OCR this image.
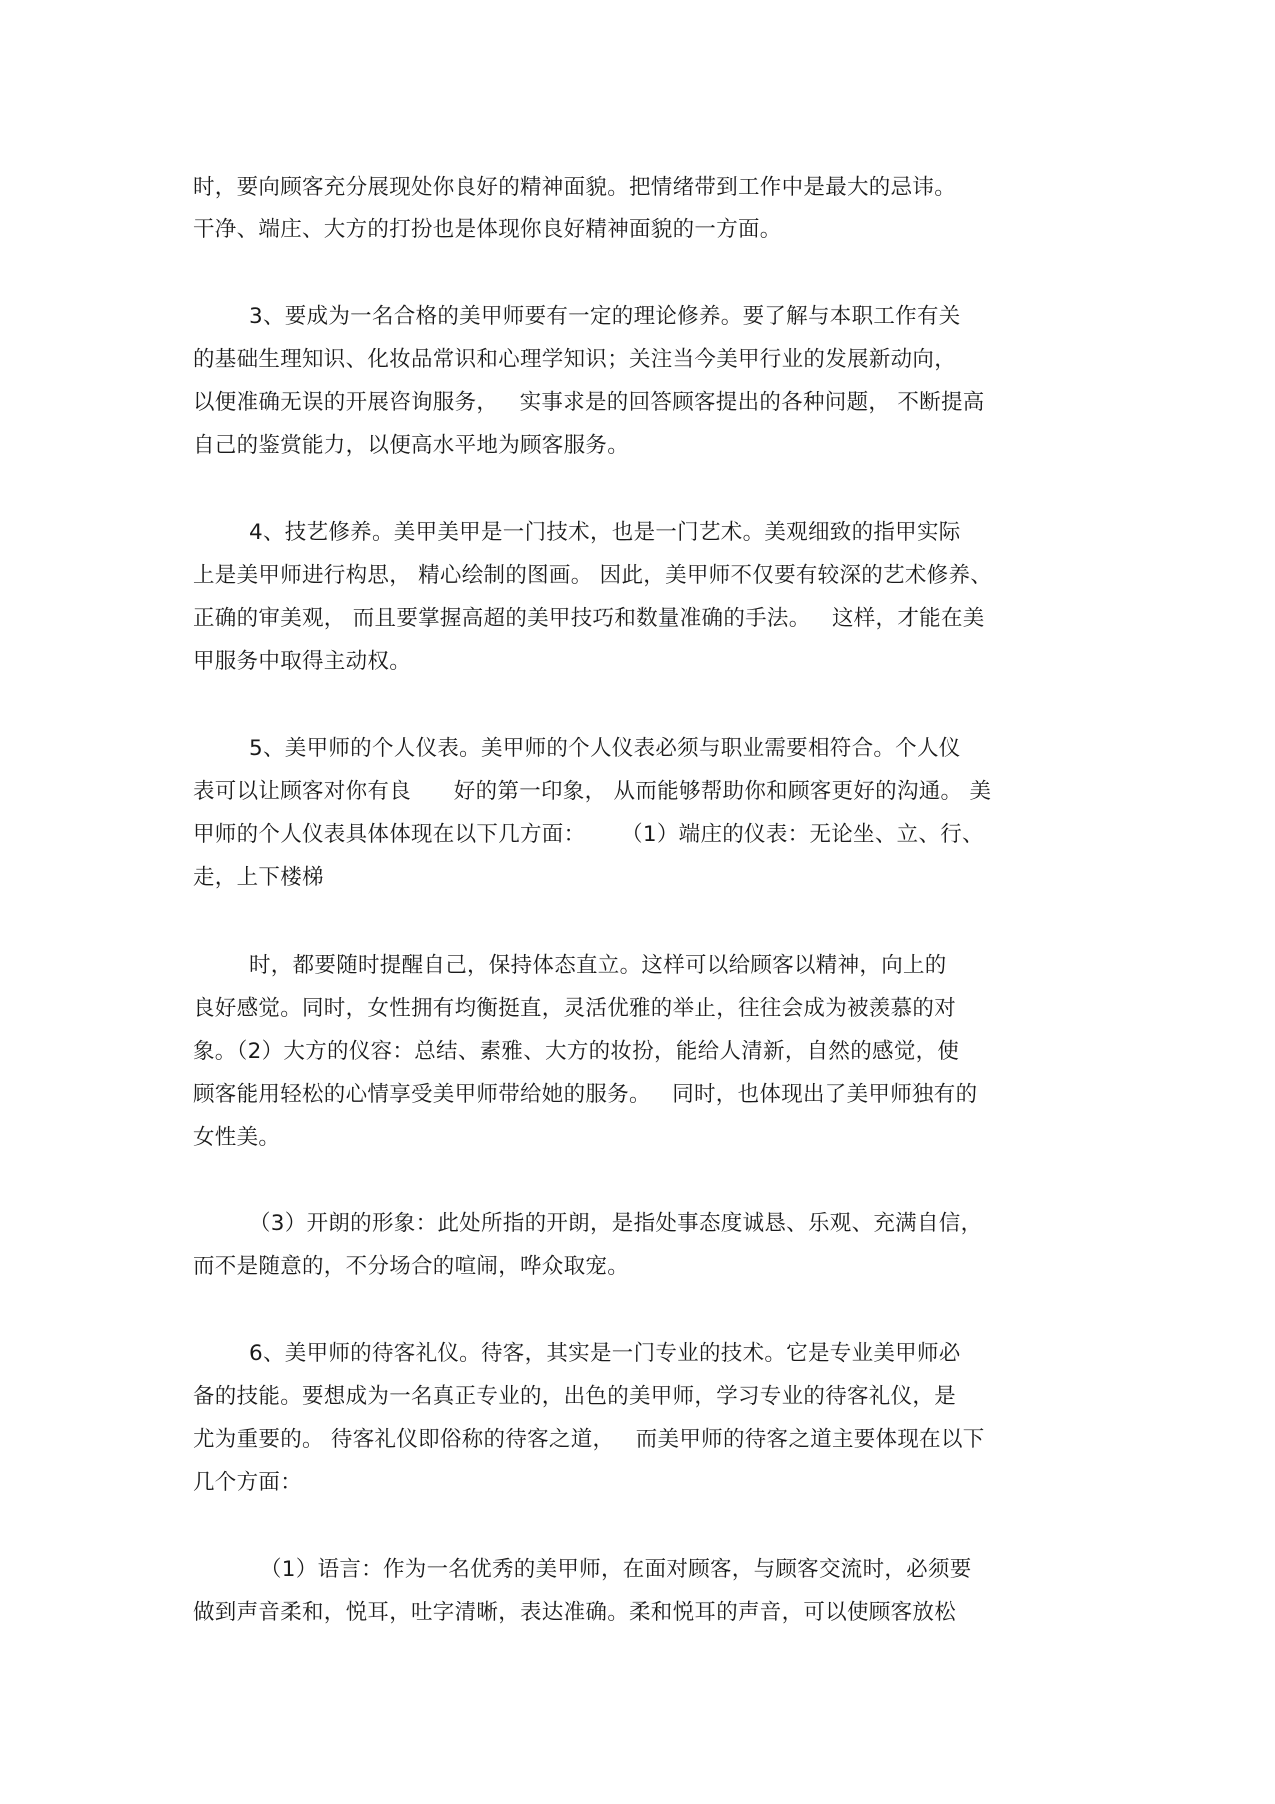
时，要向顾客充分展现处你良好的精神面貌。把情绪带到工作中是最大的忌讳。
干净、端庄、大方的打扮也是体现你良好精神面貌的一方面。
3、要成为一名合格的美甲师要有一定的理论修养。要了解与本职工作有关
的基础生理知识、化妆品常识和心理学知识；关注当今美甲行业的发展新动向，
以便准确无误的开展咨询服务，   实事求是的回答顾客提出的各种问题， 不断提高
自己的鉴赏能力，以便高水平地为顾客服务。
4、技艺修养。美甲美甲是一门技术，也是一门艺术。美观细致的指甲实际
上是美甲师进行构思， 精心绘制的图画。 因此，美甲师不仅要有较深的艺术修养、
正确的审美观， 而且要掌握高超的美甲技巧和数量准确的手法。   这样，才能在美
甲服务中取得主动权。
5、美甲师的个人仪表。美甲师的个人仪表必须与职业需要相符合。个人仪
表可以让顾客对你有良      好的第一印象， 从而能够帮助你和顾客更好的沟通。 美
甲师的个人仪表具体体现在以下几方面：     （1）端庄的仪表：无论坐、立、行、
走，上下楼梯
时，都要随时提醒自己，保持体态直立。这样可以给顾客以精神，向上的
良好感觉。同时，女性拥有均衡挺直，灵活优雅的举止，往往会成为被羡慕的对
象。（2）大方的仪容：总结、素雅、大方的妆扮，能给人清新，自然的感觉，使
顾客能用轻松的心情享受美甲师带给她的服务。   同时，也体现出了美甲师独有的
女性美。
（3）开朗的形象：此处所指的开朗，是指处事态度诚恳、乐观、充满自信，
而不是随意的，不分场合的喧闹，哗众取宠。
6、美甲师的待客礼仪。待客，其实是一门专业的技术。它是专业美甲师必
备的技能。要想成为一名真正专业的，出色的美甲师，学习专业的待客礼仪，是
尤为重要的。 待客礼仪即俗称的待客之道，   而美甲师的待客之道主要体现在以下
几个方面：
（1）语言：作为一名优秀的美甲师，在面对顾客，与顾客交流时，必须要
做到声音柔和，悦耳，吐字清晰，表达准确。柔和悦耳的声音，可以使顾客放松
